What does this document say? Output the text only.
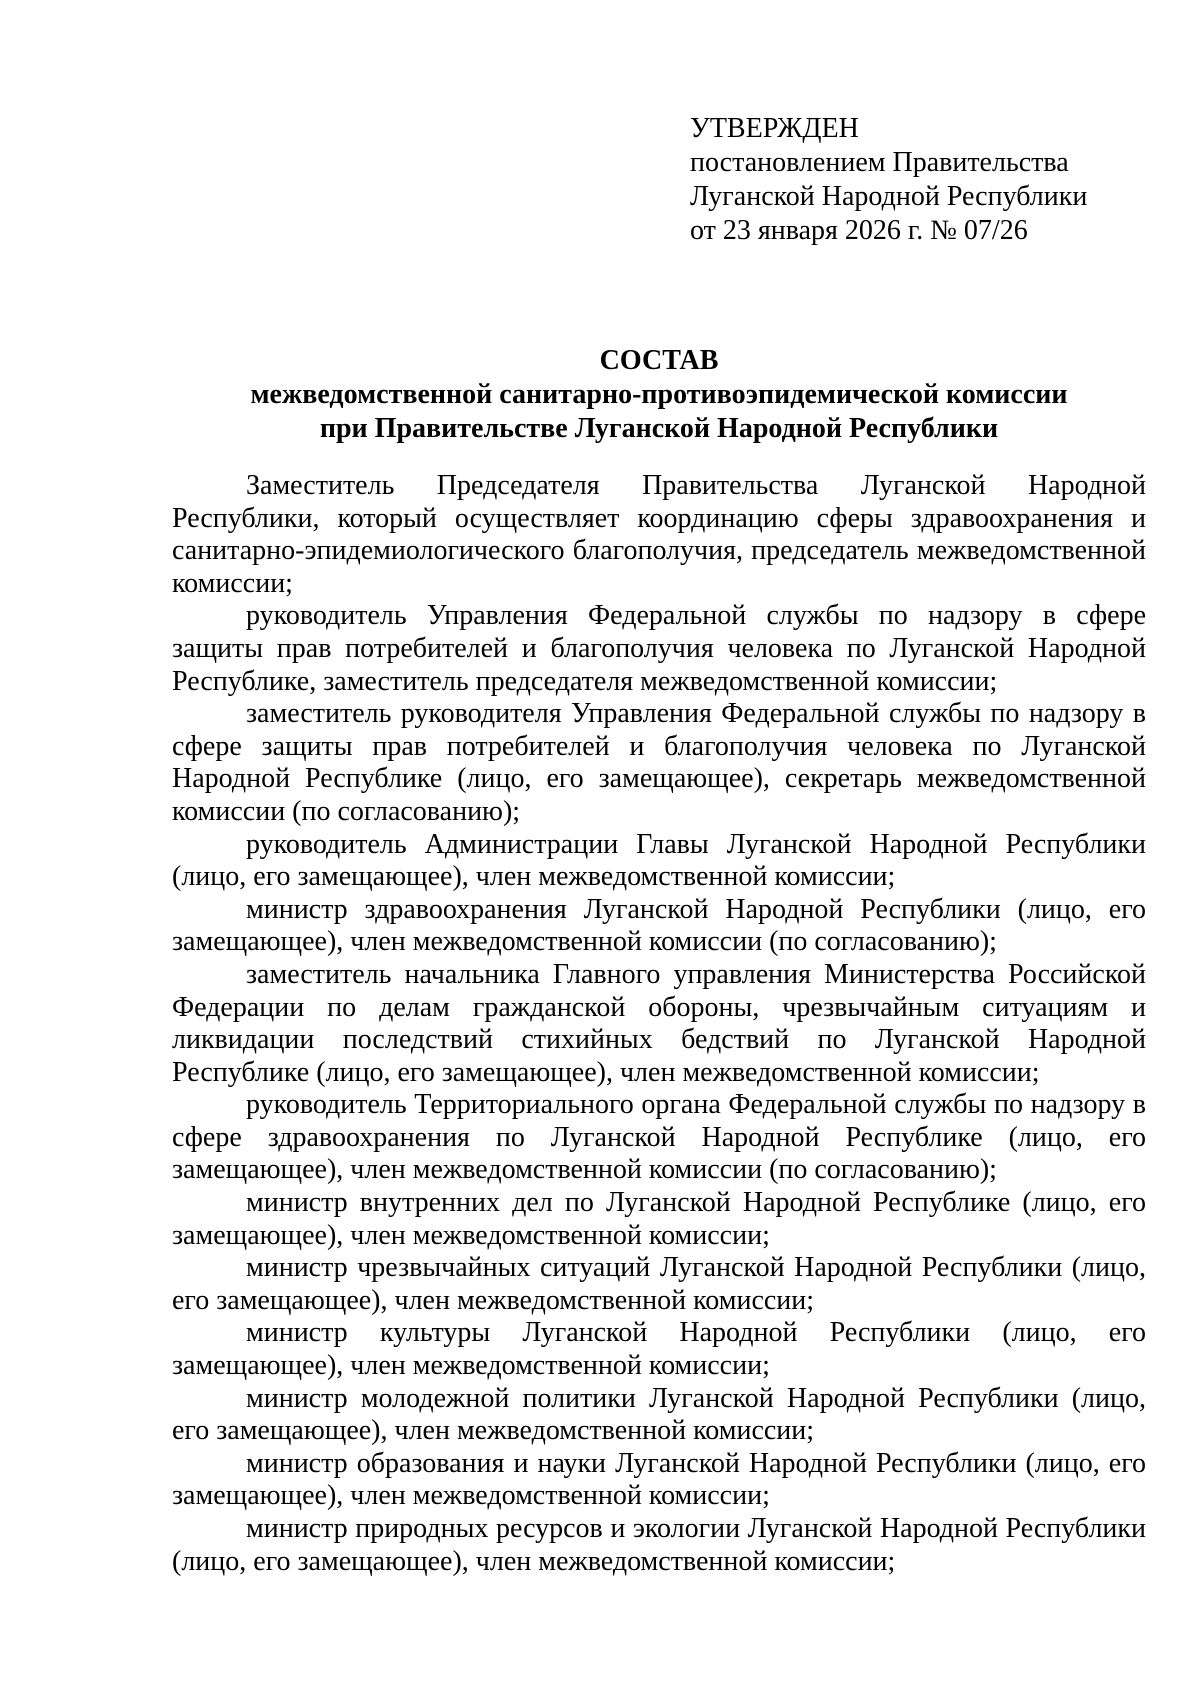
УТВЕРЖДЕН
постановлением Правительства
Луганской Народной Республики
от 23 января 2026 г. № 07/26
СОСТАВ
межведомственной санитарно-противоэпидемической комиссии
при Правительстве Луганской Народной Республики

Заместитель Председателя Правительства Луганской Народной Республики, который осуществляет координацию сферы здравоохранения и санитарно-эпидемиологического благополучия, председатель межведомственной комиссии;

руководитель Управления Федеральной службы по надзору в сфере защиты прав потребителей и благополучия человека по Луганской Народной Республике, заместитель председателя межведомственной комиссии;

заместитель руководителя Управления Федеральной службы по надзору в сфере защиты прав потребителей и благополучия человека по Луганской Народной Республике (лицо, его замещающее), секретарь межведомственной комиссии (по согласованию);

руководитель Администрации Главы Луганской Народной Республики (лицо, его замещающее), член межведомственной комиссии;

министр здравоохранения Луганской Народной Республики (лицо, его замещающее), член межведомственной комиссии (по согласованию);

заместитель начальника Главного управления Министерства Российской Федерации по делам гражданской обороны, чрезвычайным ситуациям и ликвидации последствий стихийных бедствий по Луганской Народной Республике (лицо, его замещающее), член межведомственной комиссии;

руководитель Территориального органа Федеральной службы по надзору в сфере здравоохранения по Луганской Народной Республике (лицо, его замещающее), член межведомственной комиссии (по согласованию);

министр внутренних дел по Луганской Народной Республике (лицо, его замещающее), член межведомственной комиссии;

министр чрезвычайных ситуаций Луганской Народной Республики (лицо, его замещающее), член межведомственной комиссии;

министр культуры Луганской Народной Республики (лицо, его замещающее), член межведомственной комиссии;

министр молодежной политики Луганской Народной Республики (лицо, его замещающее), член межведомственной комиссии;

министр образования и науки Луганской Народной Республики (лицо, его замещающее), член межведомственной комиссии;

министр природных ресурсов и экологии Луганской Народной Республики (лицо, его замещающее), член межведомственной комиссии;
